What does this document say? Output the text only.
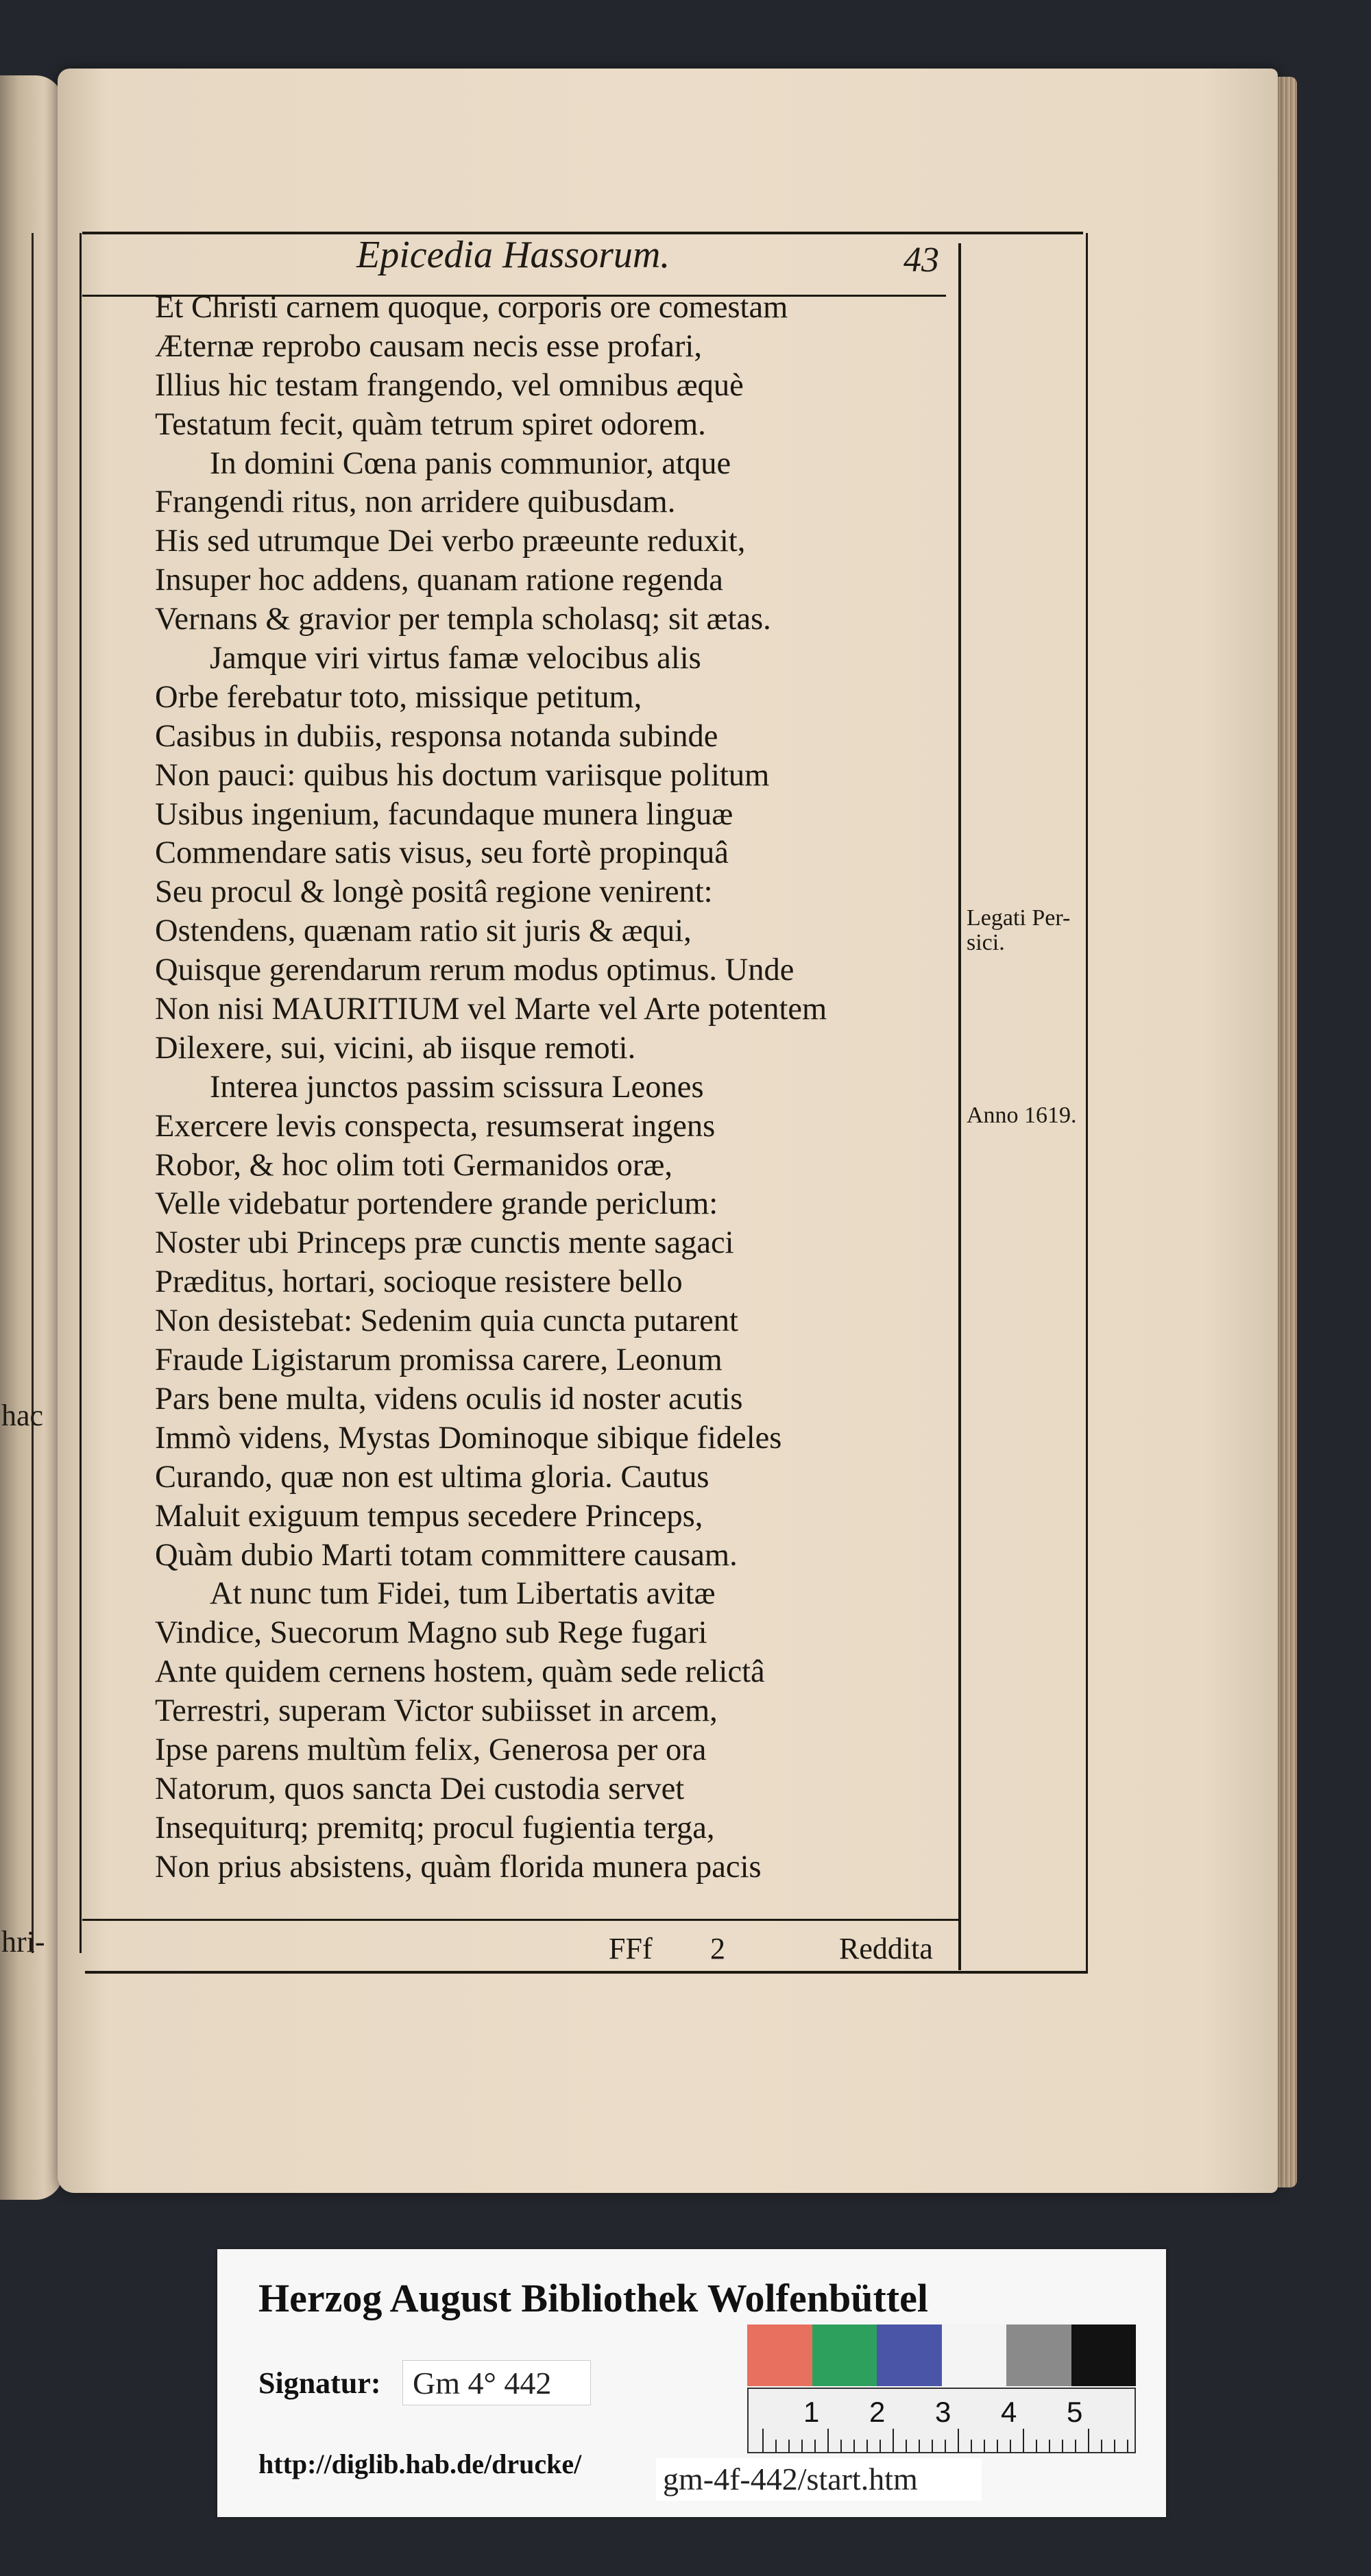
hac
hri-
Epicedia Hassorum.	43
Et Christi carnem quoque, corporis ore comestam
Æternæ reprobo causam necis esse profari,
Illius hic testam frangendo, vel omnibus æquè
Testatum fecit, quàm tetrum spiret odorem.
In domini Cœna panis communior, atque
Frangendi ritus, non arridere quibusdam.
His sed utrumque Dei verbo præeunte reduxit,
Insuper hoc addens, quanam ratione regenda
Vernans & gravior per templa scholasq; sit ætas.
Jamque viri virtus famæ velocibus alis
Orbe ferebatur toto, missique petitum,
Casibus in dubiis, responsa notanda subinde
Non pauci: quibus his doctum variisque politum
Usibus ingenium, facundaque munera linguæ
Commendare satis visus, seu fortè propinquâ
Seu procul & longè positâ regione venirent:
Ostendens, quænam ratio sit juris & æqui,
Quisque gerendarum rerum modus optimus. Unde
Non nisi MAURITIUM vel Marte vel Arte potentem
Dilexere, sui, vicini, ab iisque remoti.
Interea junctos passim scissura Leones
Exercere levis conspecta, resumserat ingens
Robor, & hoc olim toti Germanidos oræ,
Velle videbatur portendere grande periclum:
Noster ubi Princeps præ cunctis mente sagaci
Præditus, hortari, socioque resistere bello
Non desistebat: Sedenim quia cuncta putarent
Fraude Ligistarum promissa carere, Leonum
Pars bene multa, videns oculis id noster acutis
Immò videns, Mystas Dominoque sibique fideles
Curando, quæ non est ultima gloria. Cautus
Maluit exiguum tempus secedere Princeps,
Quàm dubio Marti totam committere causam.
At nunc tum Fidei, tum Libertatis avitæ
Vindice, Suecorum Magno sub Rege fugari
Ante quidem cernens hostem, quàm sede relictâ
Terrestri, superam Victor subiisset in arcem,
Ipse parens multùm felix, Generosa per ora
Natorum, quos sancta Dei custodia servet
Insequiturq; premitq; procul fugientia terga,
Non prius absistens, quàm florida munera pacis
Legati Per-
sici.
Anno 1619.
FFf 2	Reddita
Herzog August Bibliothek Wolfenbüttel
Signatur:	Gm 4° 442
http://diglib.hab.de/drucke/	gm-4f-442/start.htm
1 2 3 4 5
